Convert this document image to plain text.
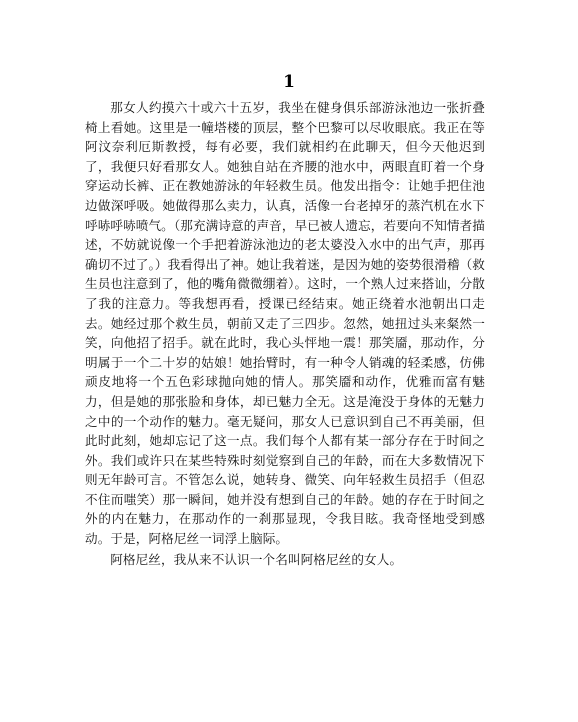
1

那女人约摸六十或六十五岁，我坐在健身俱乐部游泳池边一张折叠椅上看她。这里是一幢塔楼的顶层，整个巴黎可以尽收眼底。我正在等阿汶奈利厄斯教授，每有必要，我们就相约在此聊天，但今天他迟到了，我便只好看那女人。她独自站在齐腰的池水中，两眼直盯着一个身穿运动长裤、正在教她游泳的年轻救生员。他发出指令：让她手把住池边做深呼吸。她做得那么卖力，认真，活像一台老掉牙的蒸汽机在水下呼哧呼哧喷气。（那充满诗意的声音，早已被人遗忘，若要向不知情者描述，不妨就说像一个手把着游泳池边的老太婆没入水中的出气声，那再确切不过了。）我看得出了神。她让我着迷，是因为她的姿势很滑稽（救生员也注意到了，他的嘴角微微绷着）。这时，一个熟人过来搭讪，分散了我的注意力。等我想再看，授课已经结束。她正绕着水池朝出口走去。她经过那个救生员，朝前又走了三四步。忽然，她扭过头来粲然一笑，向他招了招手。就在此时，我心头怦地一震！那笑靥，那动作，分明属于一个二十岁的姑娘！她抬臂时，有一种令人销魂的轻柔感，仿佛顽皮地将一个五色彩球抛向她的情人。那笑靥和动作，优雅而富有魅力，但是她的那张脸和身体，却已魅力全无。这是淹没于身体的无魅力之中的一个动作的魅力。毫无疑问，那女人已意识到自己不再美丽，但此时此刻，她却忘记了这一点。我们每个人都有某一部分存在于时间之外。我们或许只在某些特殊时刻觉察到自己的年龄，而在大多数情况下则无年龄可言。不管怎么说，她转身、微笑、向年轻救生员招手（但忍不住而嗤笑）那一瞬间，她并没有想到自己的年龄。她的存在于时间之外的内在魅力，在那动作的一刹那显现，令我目眩。我奇怪地受到感动。于是，阿格尼丝一词浮上脑际。

阿格尼丝，我从来不认识一个名叫阿格尼丝的女人。
